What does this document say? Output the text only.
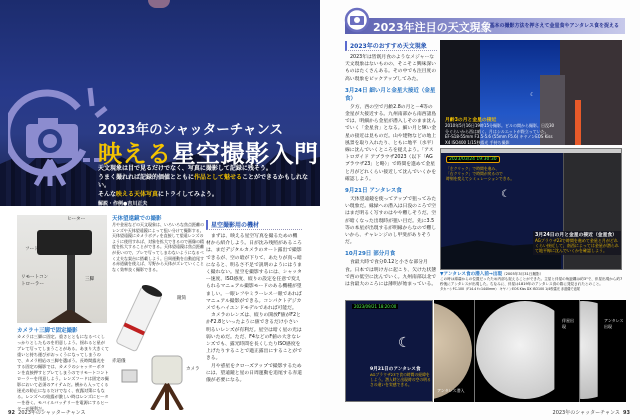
2023年のシャッターチャンス
映える星空撮影入門
天文現象は目で見るだけでなく、写真に撮影して記録に残そう。
うまく撮れれば記録的価値とともに作品として魅せることができるかもしれない。
そんな映える天体写真にトライしてみよう。
解説・作例●吉川正夫
ヒーター
フード
リモートコントローラー
三脚
カメラ＋三脚で固定撮影
カメラは三脚に固定。重さとともになるべくしっかりとしたものを用意しよう。揺れると星がブレて写ってしまうことがある。あまり大きくて重いと持ち運びがおっくうになってしまうので、カメラ相応の三脚を選ぼう。長時間露光をする固定の撮影では、カメラのシャッターボタンを直接押すとブレてしまうのでリモートコントローラーを用意しよう。レンズフードは固定の撮影において必須のアイテムだ。横から入ってくる迷光の防止になるだけでなく、夜露対策にもなる。レンズへの結露が激しい時はレンズにヒーターを巻く。モバイルバッテリーを電源にするヒーターが便利だ。
天体望遠鏡での撮影
月や金星などの天文現象は、いろいろな焦点距離のレンズや天体望遠鏡によって狙い分けて撮影する。天体望遠鏡にカメラボディを直接して望遠レンズのように使用すれば、対象を拡大できるので画像の精度を拡大することができる。天体望遠鏡は焦点距離が長いので、ブレで写ってしまわないようになるべく丈夫な架台に搭載しよう。日周運動を自動追尾する赤道儀を使えば、写野から天体がズレていくことなく効率良く撮影できる。
鏡筒
赤道儀
カメラ
星空撮影用の機材

まずは、映える星空写真を撮るための機材から紹介しよう。日が沈み残照があるころは、まだデジタルカメラのオート露出で撮影できるが、空の暗が下りて、あたりが真っ暗になると、明るさ不足で説明のようにはうまく撮れない。星空を撮影するには、シャッター速度、ISO感度、絞りの設定を任意で変えられるマニュアル撮影モードのある機種が望ましい。一眼レフやミラーレス一眼であればマニュアル撮影ができる。コンパクトデジカメでもハイエンドモデルであれば可能だ。

カメラのレンズは、絞りの開放F値がF2とかF2.8といったように値できるだけ小さい明るいレンズが有利だ。星空は暗く星の光は弱いためだ。ただ、F4などのF値の大きなレンズでも、露光時間を長くしたりISO感度を上げたりすることで適正露出にすることができる。

月や惑星をクローズアップで撮影するためには、望遠鏡と星の日周運動を追尾する赤道儀が必要になる。

92 2023年のシャッターチャンス
2023年注目の天文現象
基本の撮影方法を押さえて金星食やアンタレス食を捉える
2023年のおすすめ天文現象

2023年は皆既月食のようなメジャーな天文現象はないものの、そこそこ興味深いものはたくさんある。その中でも注目度の高い現象をピックアップしてみた。

3月24日 細い月と金星大接近（金星食）

夕方、西の空で月齢2.8の月と－4等の金星が大接近する。九州南部から南西諸島では、明細から金星が潜入しそのまま沈んでいく「金星食」となる。細い月と輝い金星の接近は見ものだ。山や建物などの地上風景を取り入れたり、ともに地平（水平）線に沈んでいくところを捉えよう。「アストロガイド アプラウザ2023（以下「AGブラウザ23」と略）」で時間を進めて金星と月がどれくらい接近して沈んでいくかを確認しよう。

9月21日 アンタレス食

天体望遠鏡を使ってアップで狙ってみたい現象だ。縁緑への潜入は日没のころで空はまだ明るく写すのはやや難しそうだ。空が暗くなった出現時が狙い目だ。先に3.5等の本星が出現するが明縁からなので難しいから、チャレンジのし甲斐がありそうだ。

10月29日 部分月食

食最大時で食分0.12と小さな部分月食。日本では明け方に起こり、欠けた状態で西の低空に沈んでいく。九州南部以北では食最大のころには薄明が始まっている。

☾
月齢3の月と金星の接近
2010年5月16日19時15分撮影。ビルの間から撮影。日没30分ぐらいから西は暗く、月はシルエットが際立っていた。
EF-S18-55mm F3.5-5.6 (55mm F5.6) キヤノンEOS Kiss X4 ISO400 1/15秒露光 手持ち撮影
2023/03/24 19:30:30
「左クリック」で時間を進み、
「右クリック」で時間が戻るので
時刻を変えてシミュレーションできる。
☾
3月24日の月と金星の接近（金星食）
AGブラウザ23で時間を進めて金星と月がどれくらい接近して、南西によっては金星が潜られて地平線に沈んでいくかを確認しよう。
▼アンタレス食の潜入前→出現（2005年3月31日撮影）
この時は薄暮からの位置だったため内部も捉えることができた。主星と伴星の角距離は約3"で、伴星出現から約7秒後にアンタレスが出現した。ちなみに、伴星は1819年のアンタレス食の際に発見されたとのこと。
タカハシFC-100（F14.4 f=1440mm） キヤノンEOS Kiss DX ISO100 1/4秒露光 赤道儀で追尾
2023/09/21 18:20:00
☾
9月21日のアンタレス食
AGブラウザ23で食の時間の経緯をしよう。潜入時と出現時の空の明るさの違いを実感できる。
アンタレス潜入
伴星出現
アンタレス出現
2023年のシャッターチャンス 93
